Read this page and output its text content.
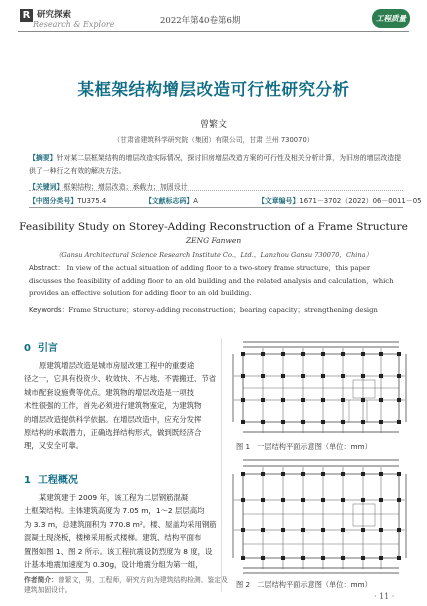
R 研究探索
Research & Explore	2022年第40卷第6期	工程质量
某框架结构增层改造可行性研究分析
曾繁文
（甘肃省建筑科学研究院（集团）有限公司，甘肃 兰州 730070）
【摘要】针对某二层框架结构的增层改造实际情况，探讨旧房增层改造方案的可行性及相关分析计算，为旧房的增层改造提供了一种行之有效的解决方法。
【关键词】框架结构；增层改造；承载力；加固设计
【中图分类号】TU375.4	【文献标志码】A	【文章编号】1671－3702（2022）06－0011－05
Feasibility Study on Storey-Adding Reconstruction of a Frame Structure
ZENG Fanwen
（Gansu Architectural Science Research Institute Co.，Ltd.，Lanzhou Gansu 730070，China）
Abstract： In view of the actual situation of adding floor to a two-story frame structure，this paper
discusses the feasibility of adding floor to an old building and the related analysis and calculation，which
provides an effective solution for adding floor to an old building.
Keywords：Frame Structure；storey-adding reconstruction；bearing capacity；strengthening design
0 引言
原建筑增层改造是城市房屋改建工程中的重要途
径之一，它具有投资少、收效快、不占地、不需搬迁、节省
城市配套设施费等优点。建筑物的增层改造是一项技
术性很强的工作，首先必须进行建筑物鉴定，为建筑物
的增层改造提供科学依据。在增层改造中，应充分发挥
原结构的承载潜力，正确选择结构形式，做到既经济合
理，又安全可靠。
1 工程概况
某建筑建于 2009 年，该工程为二层钢筋混凝
土框架结构。主体建筑高度为 7.05 m，1～2 层层高均
为 3.3 m，总建筑面积为 770.8 m²。楼、屋盖均采用钢筋
混凝土现浇板，楼梯采用板式楼梯。建筑、结构平面布
置图如图 1、图 2 所示。该工程抗震设防烈度为 8 度，设
计基本地震加速度为 0.30g，设计地震分组为第一组，
作者简介：曾繁文，男，工程师，研究方向为建筑结构检测、鉴定及
建筑加固设计。
图 1　一层结构平面示意图（单位：mm）
图 2　二层结构平面示意图（单位：mm）
· 11 ·
